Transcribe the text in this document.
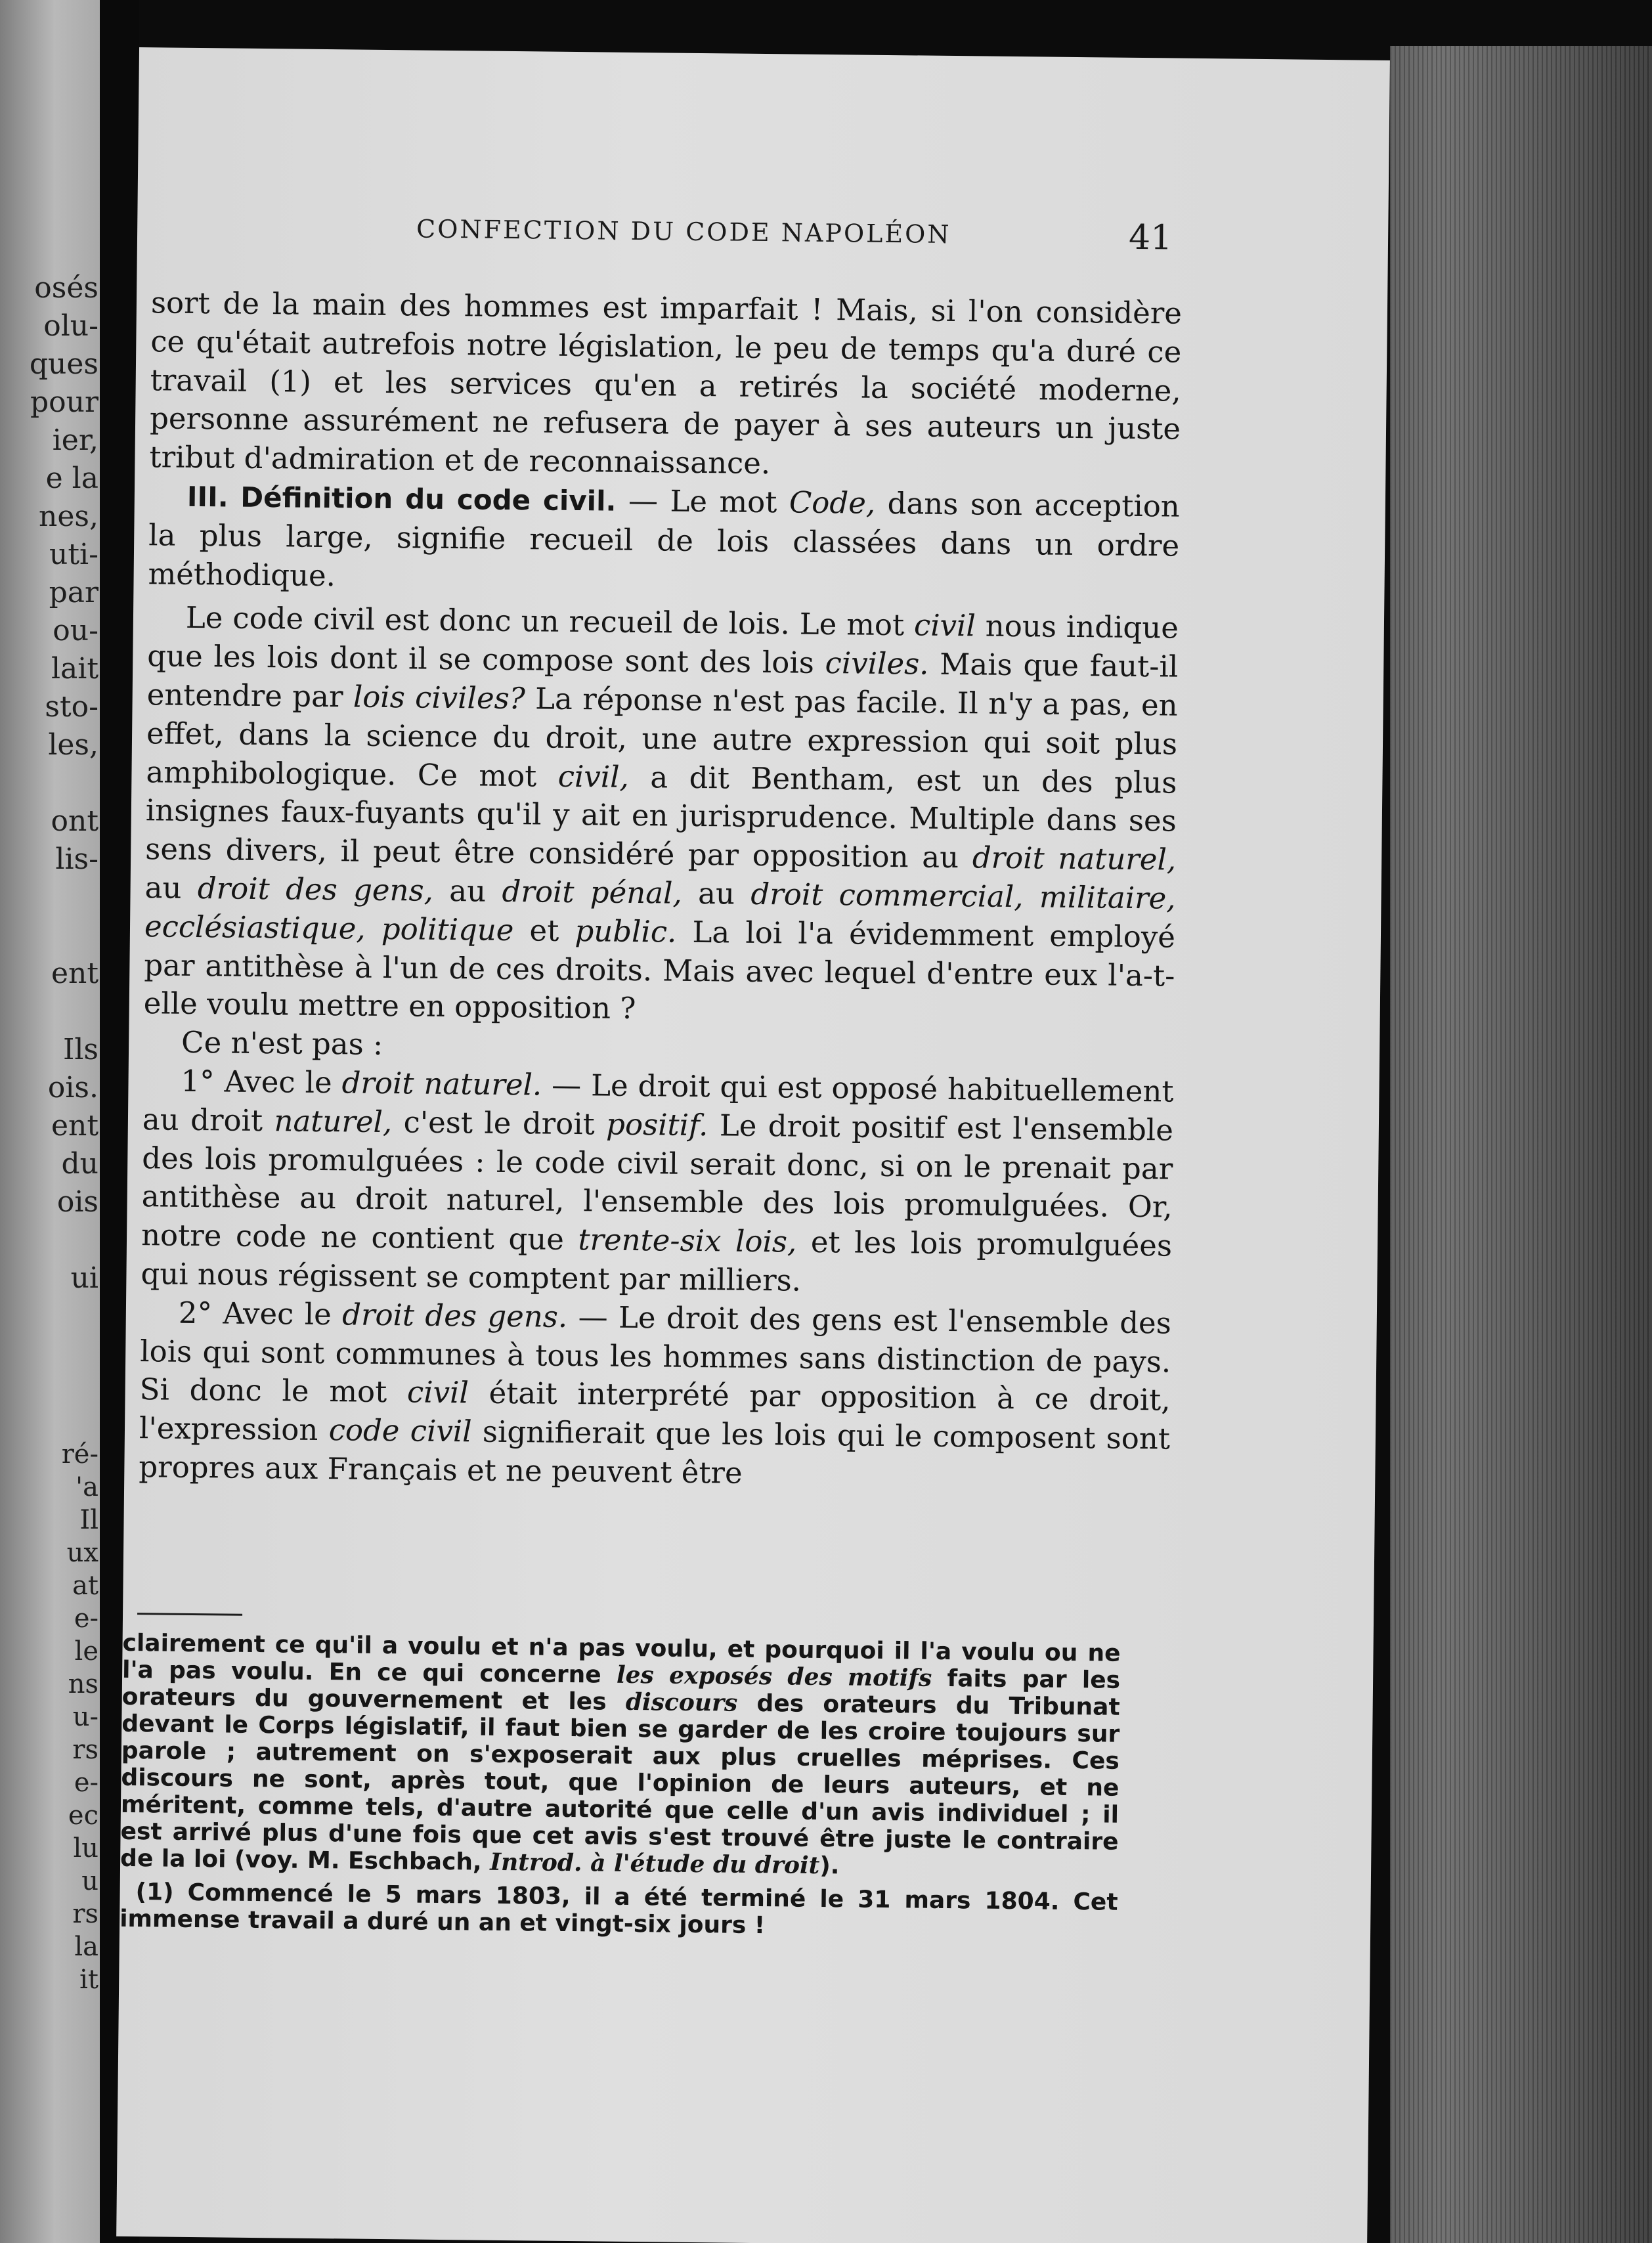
osés
olu-
ques
pour
ier,
e la
nes,
uti-
par
ou-
lait
sto-
les,
ont
lis-
ent
Ils
ois.
ent
du
ois
ui
ré-
'a
Il
ux
at
e-
le
ns
u-
rs
e-
ec
lu
u
rs
la
it
CONFECTION DU CODE NAPOLÉON	41

sort de la main des hommes est imparfait ! Mais, si l'on considère ce qu'était autrefois notre législation, le peu de temps qu'a duré ce travail (1) et les services qu'en a retirés la société moderne, personne assurément ne refusera de payer à ses auteurs un juste tribut d'admiration et de reconnaissance.

III. Définition du code civil. — Le mot Code, dans son acception la plus large, signifie recueil de lois classées dans un ordre méthodique.

Le code civil est donc un recueil de lois. Le mot civil nous indique que les lois dont il se compose sont des lois civiles. Mais que faut-il entendre par lois civiles? La réponse n'est pas facile. Il n'y a pas, en effet, dans la science du droit, une autre expression qui soit plus amphibologique. Ce mot civil, a dit Bentham, est un des plus insignes faux-fuyants qu'il y ait en jurisprudence. Multiple dans ses sens divers, il peut être considéré par opposition au droit naturel, au droit des gens, au droit pénal, au droit commercial, militaire, ecclésiastique, politique et public. La loi l'a évidemment employé par antithèse à l'un de ces droits. Mais avec lequel d'entre eux l'a-t-elle voulu mettre en opposition ?

Ce n'est pas :

1° Avec le droit naturel. — Le droit qui est opposé habituellement au droit naturel, c'est le droit positif. Le droit positif est l'ensemble des lois promulguées : le code civil serait donc, si on le prenait par antithèse au droit naturel, l'ensemble des lois promulguées. Or, notre code ne contient que trente-six lois, et les lois promulguées qui nous régissent se comptent par milliers.

2° Avec le droit des gens. — Le droit des gens est l'ensemble des lois qui sont communes à tous les hommes sans distinction de pays. Si donc le mot civil était interprété par opposition à ce droit, l'expression code civil signifierait que les lois qui le composent sont propres aux Français et ne peuvent être

clairement ce qu'il a voulu et n'a pas voulu, et pourquoi il l'a voulu ou ne l'a pas voulu. En ce qui concerne les exposés des motifs faits par les orateurs du gouvernement et les discours des orateurs du Tribunat devant le Corps législatif, il faut bien se garder de les croire toujours sur parole ; autrement on s'exposerait aux plus cruelles méprises. Ces discours ne sont, après tout, que l'opinion de leurs auteurs, et ne méritent, comme tels, d'autre autorité que celle d'un avis individuel ; il est arrivé plus d'une fois que cet avis s'est trouvé être juste le contraire de la loi (voy. M. Eschbach, Introd. à l'étude du droit).

(1) Commencé le 5 mars 1803, il a été terminé le 31 mars 1804. Cet immense travail a duré un an et vingt-six jours !
